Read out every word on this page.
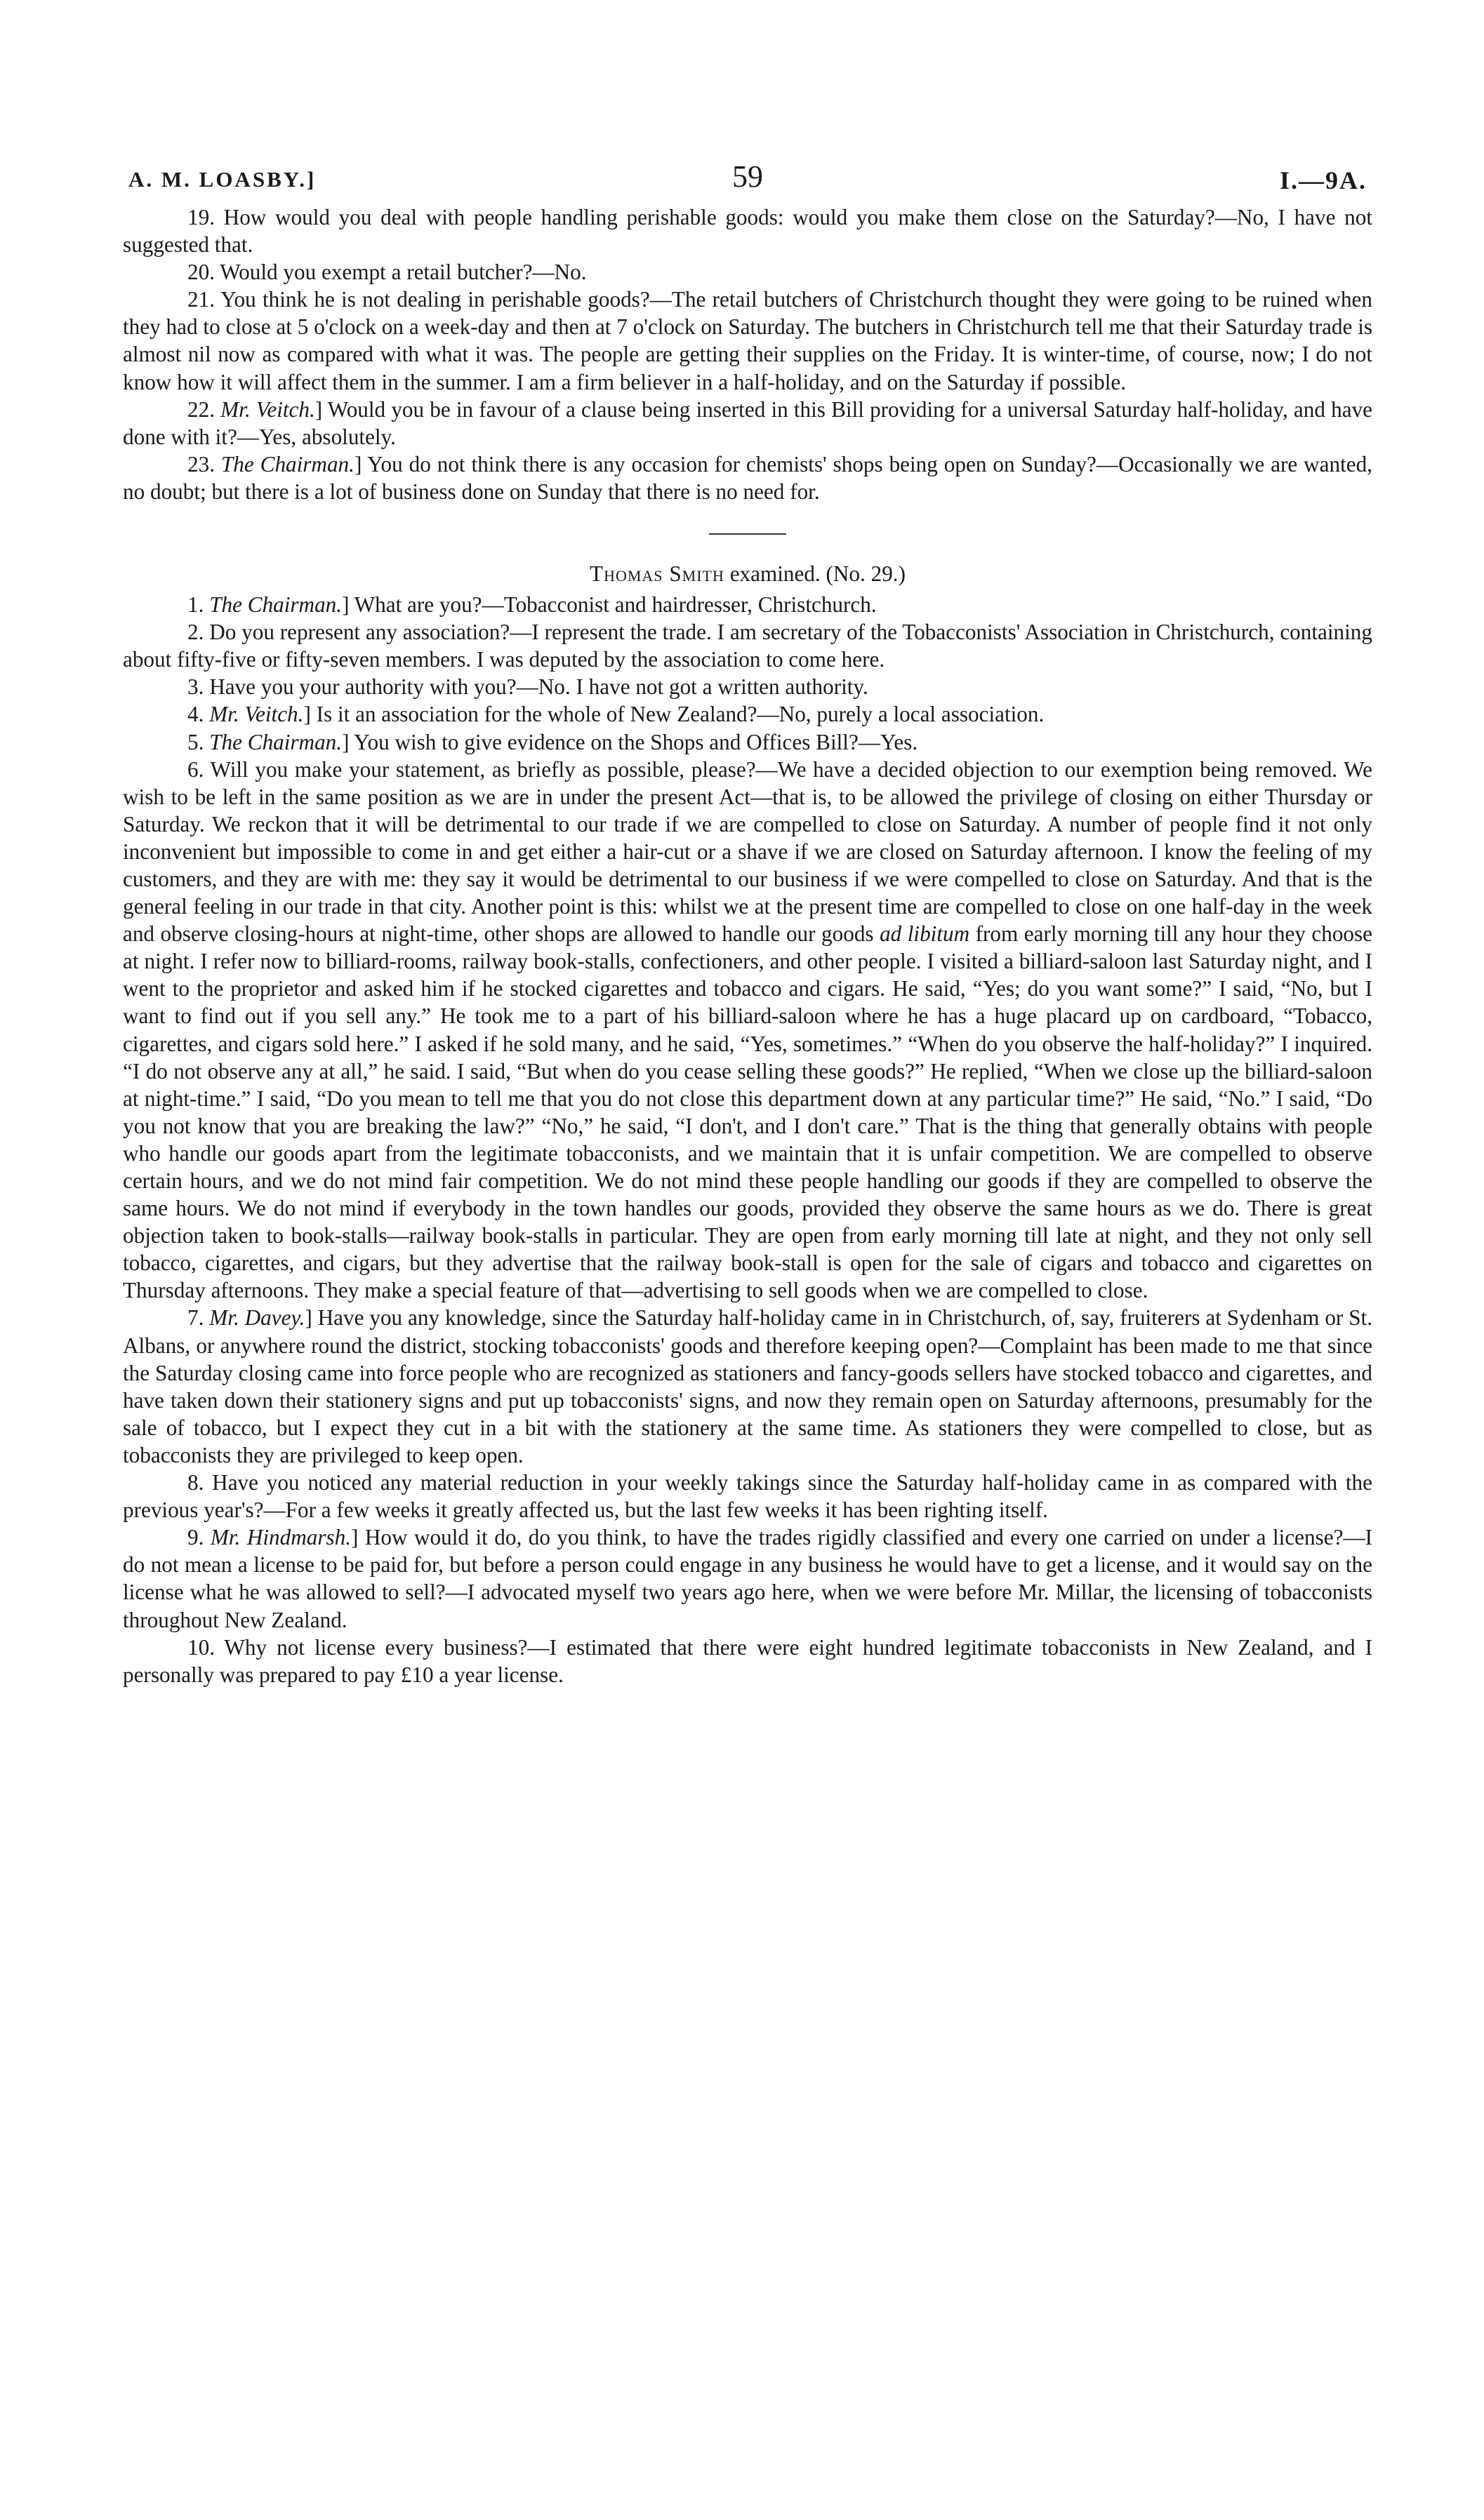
A. M. LOASBY.]	59	I.—9A.

19. How would you deal with people handling perishable goods: would you make them close on the Saturday?—No, I have not suggested that.

20. Would you exempt a retail butcher?—No.

21. You think he is not dealing in perishable goods?—The retail butchers of Christchurch thought they were going to be ruined when they had to close at 5 o'clock on a week-day and then at 7 o'clock on Saturday. The butchers in Christchurch tell me that their Saturday trade is almost nil now as compared with what it was. The people are getting their supplies on the Friday. It is winter-time, of course, now; I do not know how it will affect them in the summer. I am a firm believer in a half-holiday, and on the Saturday if possible.

22. Mr. Veitch.] Would you be in favour of a clause being inserted in this Bill providing for a universal Saturday half-holiday, and have done with it?—Yes, absolutely.

23. The Chairman.] You do not think there is any occasion for chemists' shops being open on Sunday?—Occasionally we are wanted, no doubt; but there is a lot of business done on Sunday that there is no need for.

Thomas Smith examined. (No. 29.)

1. The Chairman.] What are you?—Tobacconist and hairdresser, Christchurch.

2. Do you represent any association?—I represent the trade. I am secretary of the Tobacconists' Association in Christchurch, containing about fifty-five or fifty-seven members. I was deputed by the association to come here.

3. Have you your authority with you?—No. I have not got a written authority.

4. Mr. Veitch.] Is it an association for the whole of New Zealand?—No, purely a local association.

5. The Chairman.] You wish to give evidence on the Shops and Offices Bill?—Yes.

6. Will you make your statement, as briefly as possible, please?—We have a decided objection to our exemption being removed. We wish to be left in the same position as we are in under the present Act—that is, to be allowed the privilege of closing on either Thursday or Saturday. We reckon that it will be detrimental to our trade if we are compelled to close on Saturday. A number of people find it not only inconvenient but impossible to come in and get either a hair-cut or a shave if we are closed on Saturday afternoon. I know the feeling of my customers, and they are with me: they say it would be detrimental to our business if we were compelled to close on Saturday. And that is the general feeling in our trade in that city. Another point is this: whilst we at the present time are compelled to close on one half-day in the week and observe closing-hours at night-time, other shops are allowed to handle our goods ad libitum from early morning till any hour they choose at night. I refer now to billiard-rooms, railway book-stalls, confectioners, and other people. I visited a billiard-saloon last Saturday night, and I went to the proprietor and asked him if he stocked cigarettes and tobacco and cigars. He said, “Yes; do you want some?” I said, “No, but I want to find out if you sell any.” He took me to a part of his billiard-saloon where he has a huge placard up on cardboard, “Tobacco, cigarettes, and cigars sold here.” I asked if he sold many, and he said, “Yes, sometimes.” “When do you observe the half-holiday?” I inquired. “I do not observe any at all,” he said. I said, “But when do you cease selling these goods?” He replied, “When we close up the billiard-saloon at night-time.” I said, “Do you mean to tell me that you do not close this department down at any particular time?” He said, “No.” I said, “Do you not know that you are breaking the law?” “No,” he said, “I don't, and I don't care.” That is the thing that generally obtains with people who handle our goods apart from the legitimate tobacconists, and we maintain that it is unfair competition. We are compelled to observe certain hours, and we do not mind fair competition. We do not mind these people handling our goods if they are compelled to observe the same hours. We do not mind if everybody in the town handles our goods, provided they observe the same hours as we do. There is great objection taken to book-stalls—railway book-stalls in particular. They are open from early morning till late at night, and they not only sell tobacco, cigarettes, and cigars, but they advertise that the railway book-stall is open for the sale of cigars and tobacco and cigarettes on Thursday afternoons. They make a special feature of that—advertising to sell goods when we are compelled to close.

7. Mr. Davey.] Have you any knowledge, since the Saturday half-holiday came in in Christchurch, of, say, fruiterers at Sydenham or St. Albans, or anywhere round the district, stocking tobacconists' goods and therefore keeping open?—Complaint has been made to me that since the Saturday closing came into force people who are recognized as stationers and fancy-goods sellers have stocked tobacco and cigarettes, and have taken down their stationery signs and put up tobacconists' signs, and now they remain open on Saturday afternoons, presumably for the sale of tobacco, but I expect they cut in a bit with the stationery at the same time. As stationers they were compelled to close, but as tobacconists they are privileged to keep open.

8. Have you noticed any material reduction in your weekly takings since the Saturday half-holiday came in as compared with the previous year's?—For a few weeks it greatly affected us, but the last few weeks it has been righting itself.

9. Mr. Hindmarsh.] How would it do, do you think, to have the trades rigidly classified and every one carried on under a license?—I do not mean a license to be paid for, but before a person could engage in any business he would have to get a license, and it would say on the license what he was allowed to sell?—I advocated myself two years ago here, when we were before Mr. Millar, the licensing of tobacconists throughout New Zealand.

10. Why not license every business?—I estimated that there were eight hundred legitimate tobacconists in New Zealand, and I personally was prepared to pay £10 a year license.
